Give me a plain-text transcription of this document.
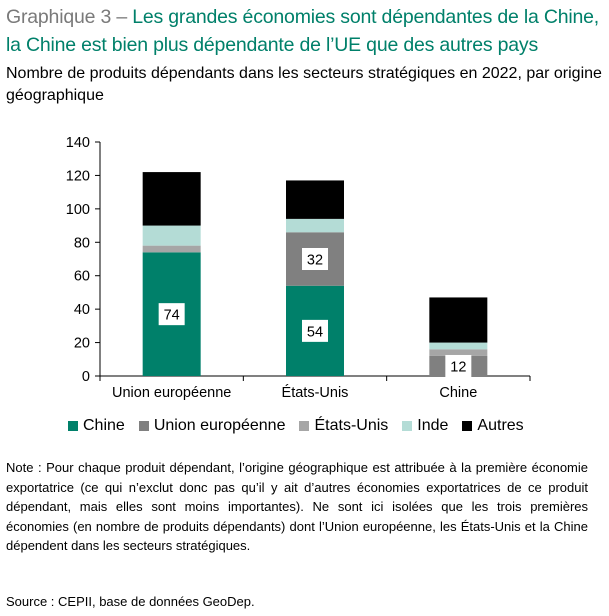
Graphique 3 – Les grandes économies sont dépendantes de la Chine, la Chine est bien plus dépendante de l’UE que des autres pays
Nombre de produits dépendants dans les secteurs stratégiques en 2022, par origine géographique
0
20
40
60
80
100
120
140
Union européenne	États-Unis	Chine
74
54
32
12
Chine Union européenne États-Unis Inde Autres
Note : Pour chaque produit dépendant, l’origine géographique est attribuée à la première économie exportatrice (ce qui n’exclut donc pas qu’il y ait d’autres économies exportatrices de ce produit dépendant, mais elles sont moins importantes). Ne sont ici isolées que les trois premières économies (en nombre de produits dépendants) dont l’Union européenne, les États-Unis et la Chine dépendent dans les secteurs stratégiques.
Source : CEPII, base de données GeoDep.
